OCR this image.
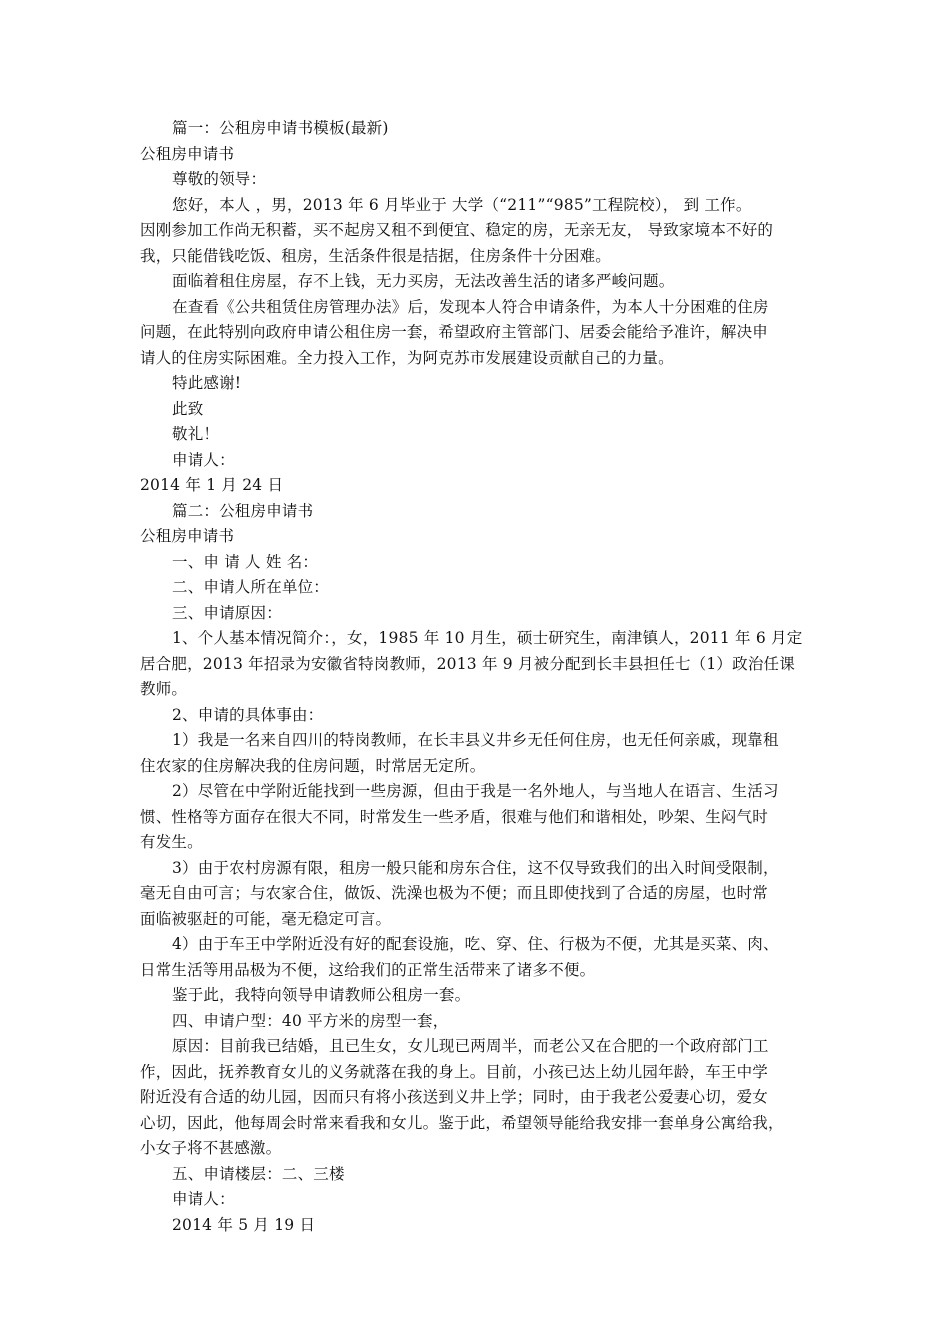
篇一：公租房申请书模板(最新)
公租房申请书
尊敬的领导：
您好，本人 ，男，2013 年 6 月毕业于 大学（“211”“985”工程院校）， 到 工作。
因刚参加工作尚无积蓄，买不起房又租不到便宜、稳定的房，无亲无友， 导致家境本不好的
我，只能借钱吃饭、租房，生活条件很是拮据，住房条件十分困难。
面临着租住房屋，存不上钱，无力买房，无法改善生活的诸多严峻问题。
在查看《公共租赁住房管理办法》后，发现本人符合申请条件，为本人十分困难的住房
问题，在此特别向政府申请公租住房一套，希望政府主管部门、居委会能给予准许，解决申
请人的住房实际困难。全力投入工作，为阿克苏市发展建设贡献自己的力量。
特此感谢!
此致
敬礼！
申请人：
2014 年 1 月 24 日
篇二：公租房申请书
公租房申请书
一、申 请 人 姓 名：
二、申请人所在单位：
三、申请原因：
1、个人基本情况简介：，女，1985 年 10 月生，硕士研究生，南津镇人，2011 年 6 月定
居合肥，2013 年招录为安徽省特岗教师，2013 年 9 月被分配到长丰县担任七（1）政治任课
教师。
2、申请的具体事由：
1）我是一名来自四川的特岗教师，在长丰县义井乡无任何住房，也无任何亲戚，现靠租
住农家的住房解决我的住房问题，时常居无定所。
2）尽管在中学附近能找到一些房源，但由于我是一名外地人，与当地人在语言、生活习
惯、性格等方面存在很大不同，时常发生一些矛盾，很难与他们和谐相处，吵架、生闷气时
有发生。
3）由于农村房源有限，租房一般只能和房东合住，这不仅导致我们的出入时间受限制，
毫无自由可言；与农家合住，做饭、洗澡也极为不便；而且即使找到了合适的房屋，也时常
面临被驱赶的可能，毫无稳定可言。
4）由于车王中学附近没有好的配套设施，吃、穿、住、行极为不便，尤其是买菜、肉、
日常生活等用品极为不便，这给我们的正常生活带来了诸多不便。
鉴于此，我特向领导申请教师公租房一套。
四、申请户型：40 平方米的房型一套，
原因：目前我已结婚，且已生女，女儿现已两周半，而老公又在合肥的一个政府部门工
作，因此，抚养教育女儿的义务就落在我的身上。目前，小孩已达上幼儿园年龄，车王中学
附近没有合适的幼儿园，因而只有将小孩送到义井上学；同时，由于我老公爱妻心切，爱女
心切，因此，他每周会时常来看我和女儿。鉴于此，希望领导能给我安排一套单身公寓给我，
小女子将不甚感激。
五、申请楼层：二、三楼
申请人：
2014 年 5 月 19 日
